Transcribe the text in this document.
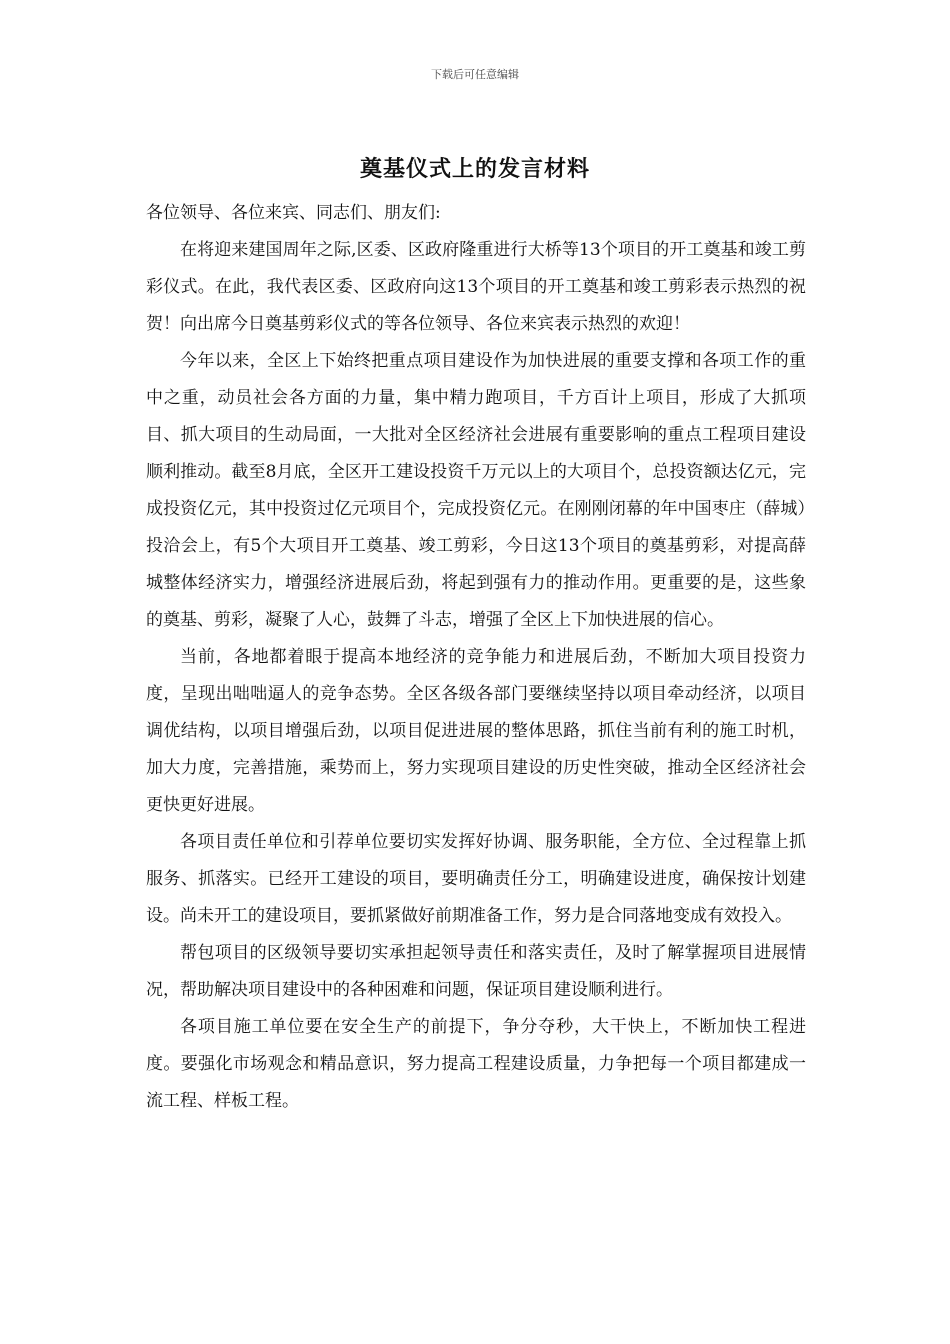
下载后可任意编辑
奠基仪式上的发言材料

各位领导、各位来宾、同志们、朋友们:

在将迎来建国周年之际,区委、区政府隆重进行大桥等13个项目的开工奠基和竣工剪彩仪式。在此，我代表区委、区政府向这13个项目的开工奠基和竣工剪彩表示热烈的祝贺！向出席今日奠基剪彩仪式的等各位领导、各位来宾表示热烈的欢迎！

今年以来，全区上下始终把重点项目建设作为加快进展的重要支撑和各项工作的重中之重，动员社会各方面的力量，集中精力跑项目，千方百计上项目，形成了大抓项目、抓大项目的生动局面，一大批对全区经济社会进展有重要影响的重点工程项目建设顺利推动。截至8月底，全区开工建设投资千万元以上的大项目个，总投资额达亿元，完成投资亿元，其中投资过亿元项目个，完成投资亿元。在刚刚闭幕的年中国枣庄（薛城）投洽会上，有5个大项目开工奠基、竣工剪彩，今日这13个项目的奠基剪彩，对提高薛城整体经济实力，增强经济进展后劲，将起到强有力的推动作用。更重要的是，这些象的奠基、剪彩，凝聚了人心，鼓舞了斗志，增强了全区上下加快进展的信心。

当前，各地都着眼于提高本地经济的竞争能力和进展后劲，不断加大项目投资力度，呈现出咄咄逼人的竞争态势。全区各级各部门要继续坚持以项目牵动经济，以项目调优结构，以项目增强后劲，以项目促进进展的整体思路，抓住当前有利的施工时机，加大力度，完善措施，乘势而上，努力实现项目建设的历史性突破，推动全区经济社会更快更好进展。

各项目责任单位和引荐单位要切实发挥好协调、服务职能，全方位、全过程靠上抓服务、抓落实。已经开工建设的项目，要明确责任分工，明确建设进度，确保按计划建设。尚未开工的建设项目，要抓紧做好前期准备工作，努力是合同落地变成有效投入。

帮包项目的区级领导要切实承担起领导责任和落实责任，及时了解掌握项目进展情况，帮助解决项目建设中的各种困难和问题，保证项目建设顺利进行。

各项目施工单位要在安全生产的前提下，争分夺秒，大干快上，不断加快工程进度。要强化市场观念和精品意识，努力提高工程建设质量，力争把每一个项目都建成一流工程、样板工程。
